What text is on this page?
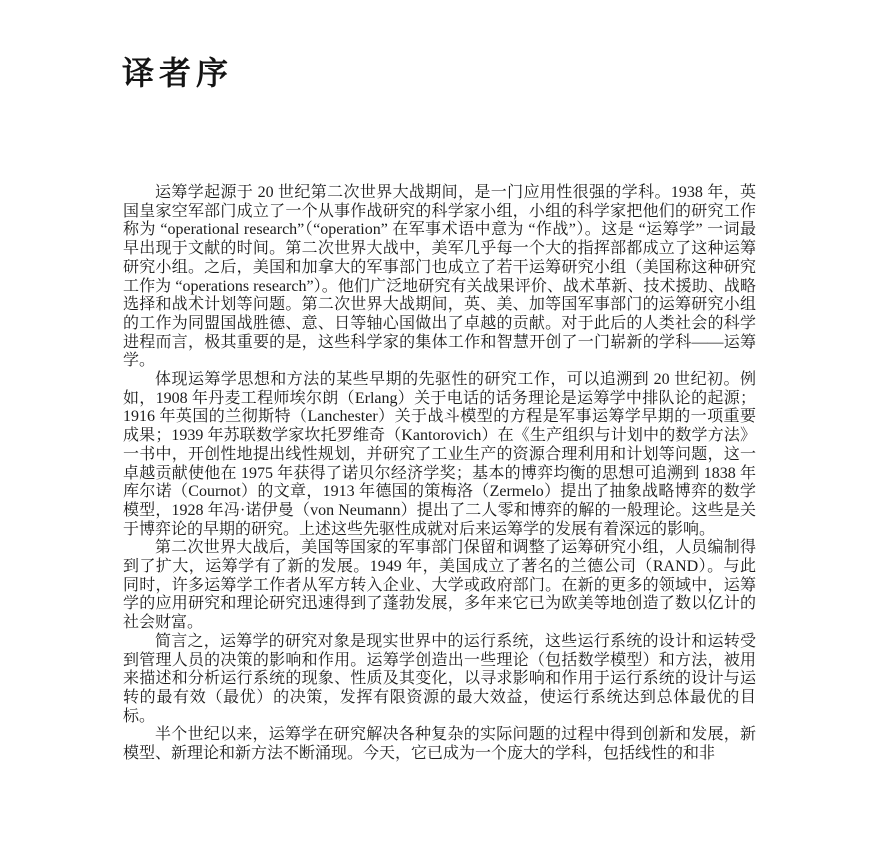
译者序

运筹学起源于 20 世纪第二次世界大战期间，是一门应用性很强的学科。1938 年，英国皇家空军部门成立了一个从事作战研究的科学家小组，小组的科学家把他们的研究工作称为 “operational research”（“operation” 在军事术语中意为 “作战”）。这是 “运筹学” 一词最早出现于文献的时间。第二次世界大战中，美军几乎每一个大的指挥部都成立了这种运筹研究小组。之后，美国和加拿大的军事部门也成立了若干运筹研究小组（美国称这种研究工作为 “operations research”）。他们广泛地研究有关战果评价、战术革新、技术援助、战略选择和战术计划等问题。第二次世界大战期间，英、美、加等国军事部门的运筹研究小组的工作为同盟国战胜德、意、日等轴心国做出了卓越的贡献。对于此后的人类社会的科学进程而言，极其重要的是，这些科学家的集体工作和智慧开创了一门崭新的学科——运筹学。

体现运筹学思想和方法的某些早期的先驱性的研究工作，可以追溯到 20 世纪初。例如，1908 年丹麦工程师埃尔朗（Erlang）关于电话的话务理论是运筹学中排队论的起源；1916 年英国的兰彻斯特（Lanchester）关于战斗模型的方程是军事运筹学早期的一项重要成果；1939 年苏联数学家坎托罗维奇（Kantorovich）在《生产组织与计划中的数学方法》一书中，开创性地提出线性规划，并研究了工业生产的资源合理利用和计划等问题，这一卓越贡献使他在 1975 年获得了诺贝尔经济学奖；基本的博弈均衡的思想可追溯到 1838 年库尔诺（Cournot）的文章，1913 年德国的策梅洛（Zermelo）提出了抽象战略博弈的数学模型，1928 年冯·诺伊曼（von Neumann）提出了二人零和博弈的解的一般理论。这些是关于博弈论的早期的研究。上述这些先驱性成就对后来运筹学的发展有着深远的影响。

第二次世界大战后，美国等国家的军事部门保留和调整了运筹研究小组，人员编制得到了扩大，运筹学有了新的发展。1949 年，美国成立了著名的兰德公司（RAND）。与此同时，许多运筹学工作者从军方转入企业、大学或政府部门。在新的更多的领域中，运筹学的应用研究和理论研究迅速得到了蓬勃发展，多年来它已为欧美等地创造了数以亿计的社会财富。

简言之，运筹学的研究对象是现实世界中的运行系统，这些运行系统的设计和运转受到管理人员的决策的影响和作用。运筹学创造出一些理论（包括数学模型）和方法，被用来描述和分析运行系统的现象、性质及其变化，以寻求影响和作用于运行系统的设计与运转的最有效（最优）的决策，发挥有限资源的最大效益，使运行系统达到总体最优的目标。

半个世纪以来，运筹学在研究解决各种复杂的实际问题的过程中得到创新和发展，新模型、新理论和新方法不断涌现。今天，它已成为一个庞大的学科，包括线性的和非
